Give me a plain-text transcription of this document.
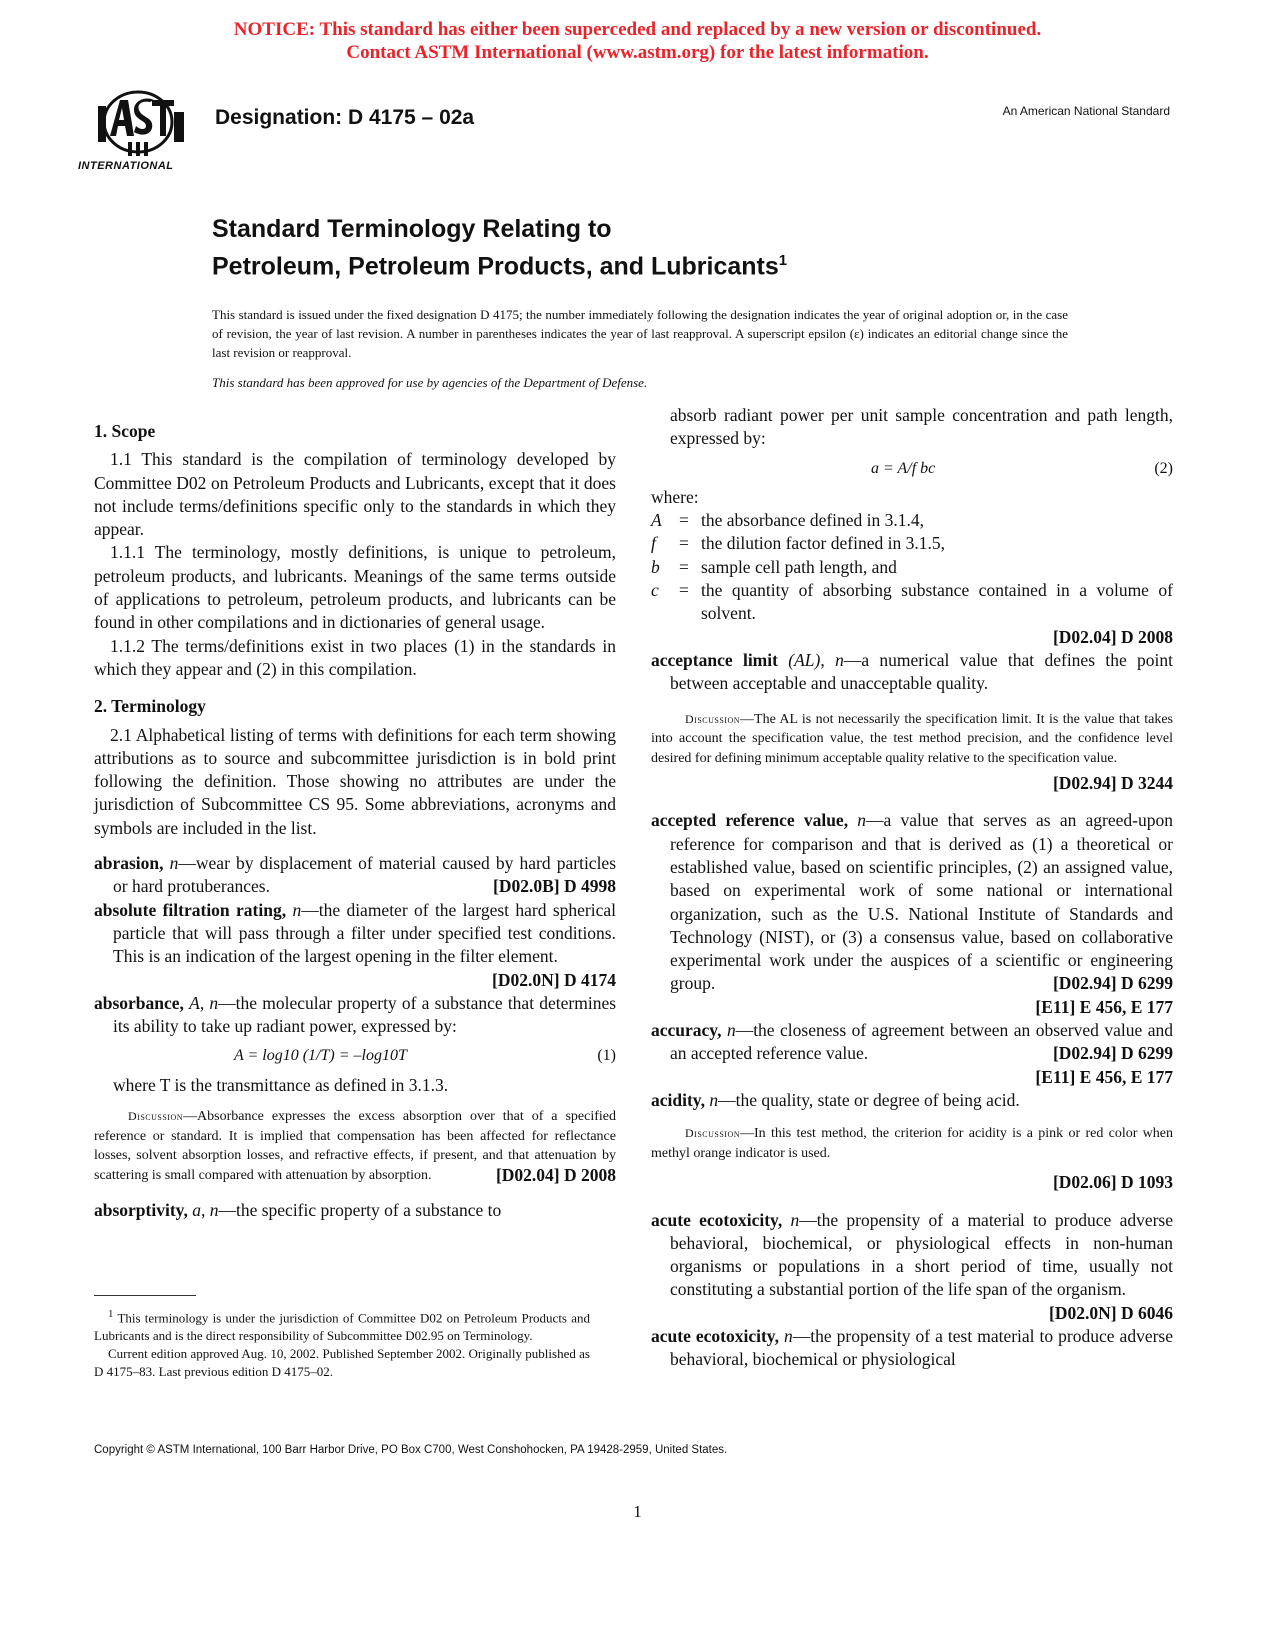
NOTICE: This standard has either been superceded and replaced by a new version or discontinued.
Contact ASTM International (www.astm.org) for the latest information.
INTERNATIONAL
Designation: D 4175 – 02a	An American National Standard
Standard Terminology Relating to
Petroleum, Petroleum Products, and Lubricants$^1$

This standard is issued under the fixed designation D 4175; the number immediately following the designation indicates the year of original adoption or, in the case of revision, the year of last revision. A number in parentheses indicates the year of last reapproval. A superscript epsilon (ε) indicates an editorial change since the last revision or reapproval.

This standard has been approved for use by agencies of the Department of Defense.

1. Scope

1.1 This standard is the compilation of terminology developed by Committee D02 on Petroleum Products and Lubricants, except that it does not include terms/definitions specific only to the standards in which they appear.

1.1.1 The terminology, mostly definitions, is unique to petroleum, petroleum products, and lubricants. Meanings of the same terms outside of applications to petroleum, petroleum products, and lubricants can be found in other compilations and in dictionaries of general usage.

1.1.2 The terms/definitions exist in two places (1) in the standards in which they appear and (2) in this compilation.

2. Terminology

2.1 Alphabetical listing of terms with definitions for each term showing attributions as to source and subcommittee jurisdiction is in bold print following the definition. Those showing no attributes are under the jurisdiction of Subcommittee CS 95. Some abbreviations, acronyms and symbols are included in the list.

abrasion, n—wear by displacement of material caused by hard particles or hard protuberances.	[D02.0B] D 4998

absolute filtration rating, n—the diameter of the largest hard spherical particle that will pass through a filter under specified test conditions. This is an indication of the largest opening in the filter element.
[D02.0N] D 4174

absorbance, A, n—the molecular property of a substance that determines its ability to take up radiant power, expressed by:

A = log10 (1/T) = –log10T	(1)

where T is the transmittance as defined in 3.1.3.

Discussion—Absorbance expresses the excess absorption over that of a specified reference or standard. It is implied that compensation has been affected for reflectance losses, solvent absorption losses, and refractive effects, if present, and that attenuation by scattering is small compared with attenuation by absorption.	[D02.04] D 2008

absorptivity, a, n—the specific property of a substance to

absorb radiant power per unit sample concentration and path length, expressed by:

a = A/f bc	(2)

where:

A = the absorbance defined in 3.1.4,
f	= the dilution factor defined in 3.1.5,
b	= sample cell path length, and
c	= the quantity of absorbing substance contained in a volume of solvent.

[D02.04] D 2008

acceptance limit (AL), n—a numerical value that defines the point between acceptable and unacceptable quality.

Discussion—The AL is not necessarily the specification limit. It is the value that takes into account the specification value, the test method precision, and the confidence level desired for defining minimum acceptable quality relative to the specification value.

[D02.94] D 3244

accepted reference value, n—a value that serves as an agreed-upon reference for comparison and that is derived as (1) a theoretical or established value, based on scientific principles, (2) an assigned value, based on experimental work of some national or international organization, such as the U.S. National Institute of Standards and Technology (NIST), or (3) a consensus value, based on collaborative experimental work under the auspices of a scientific or engineering group.	[D02.94] D 6299

[E11] E 456, E 177

accuracy, n—the closeness of agreement between an observed value and an accepted reference value.	[D02.94] D 6299

[E11] E 456, E 177

acidity, n—the quality, state or degree of being acid.

Discussion—In this test method, the criterion for acidity is a pink or red color when methyl orange indicator is used.

[D02.06] D 1093

acute ecotoxicity, n—the propensity of a material to produce adverse behavioral, biochemical, or physiological effects in non-human organisms or populations in a short period of time, usually not constituting a substantial portion of the life span of the organism.
[D02.0N] D 6046

acute ecotoxicity, n—the propensity of a test material to produce adverse behavioral, biochemical or physiological

$^1$ This terminology is under the jurisdiction of Committee D02 on Petroleum Products and Lubricants and is the direct responsibility of Subcommittee D02.95 on Terminology.

Current edition approved Aug. 10, 2002. Published September 2002. Originally published as D 4175–83. Last previous edition D 4175–02.

Copyright © ASTM International, 100 Barr Harbor Drive, PO Box C700, West Conshohocken, PA 19428-2959, United States.
1
